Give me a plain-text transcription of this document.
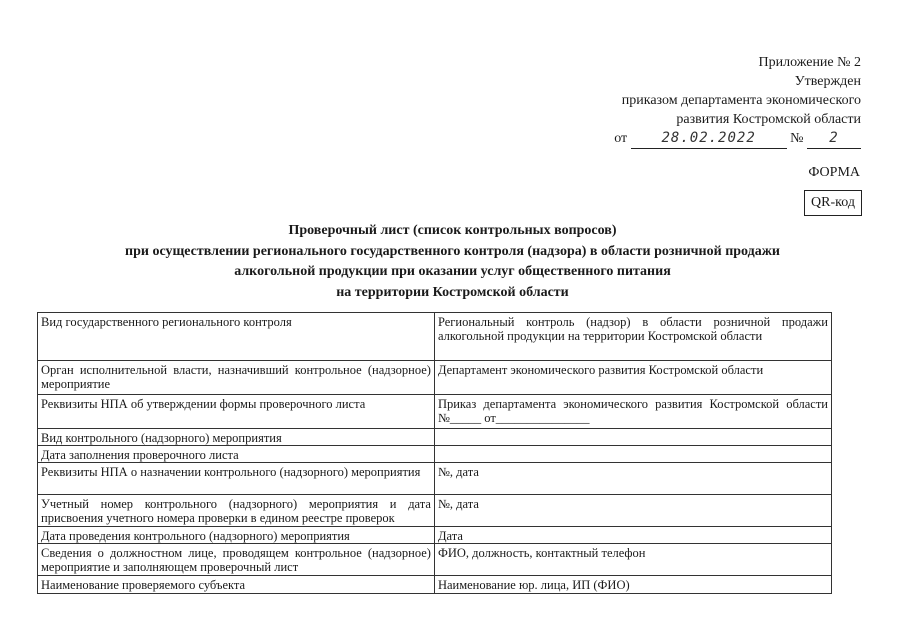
Приложение № 2
Утвержден
приказом департамента экономического
развития Костромской области
от 28.02.2022 № 2
ФОРМА
QR-код
Проверочный лист (список контрольных вопросов)
при осуществлении регионального государственного контроля (надзора) в области розничной продажи
алкогольной продукции при оказании услуг общественного питания
на территории Костромской области
Вид государственного регионального контроля	Региональный контроль (надзор) в области розничной продажи алкогольной продукции на территории Костромской области
Орган исполнительной власти, назначивший контрольное (надзорное) мероприятие	Департамент экономического развития Костромской области
Реквизиты НПА об утверждении формы проверочного листа	Приказ департамента экономического развития Костромской области №_____ от_______________
Вид контрольного (надзорного) мероприятия	
Дата заполнения проверочного листа	
Реквизиты НПА о назначении контрольного (надзорного) мероприятия	№, дата
Учетный номер контрольного (надзорного) мероприятия и дата присвоения учетного номера проверки в едином реестре проверок	№, дата
Дата проведения контрольного (надзорного) мероприятия	Дата
Сведения о должностном лице, проводящем контрольное (надзорное) мероприятие и заполняющем проверочный лист	ФИО, должность, контактный телефон
Наименование проверяемого субъекта	Наименование юр. лица, ИП (ФИО)
